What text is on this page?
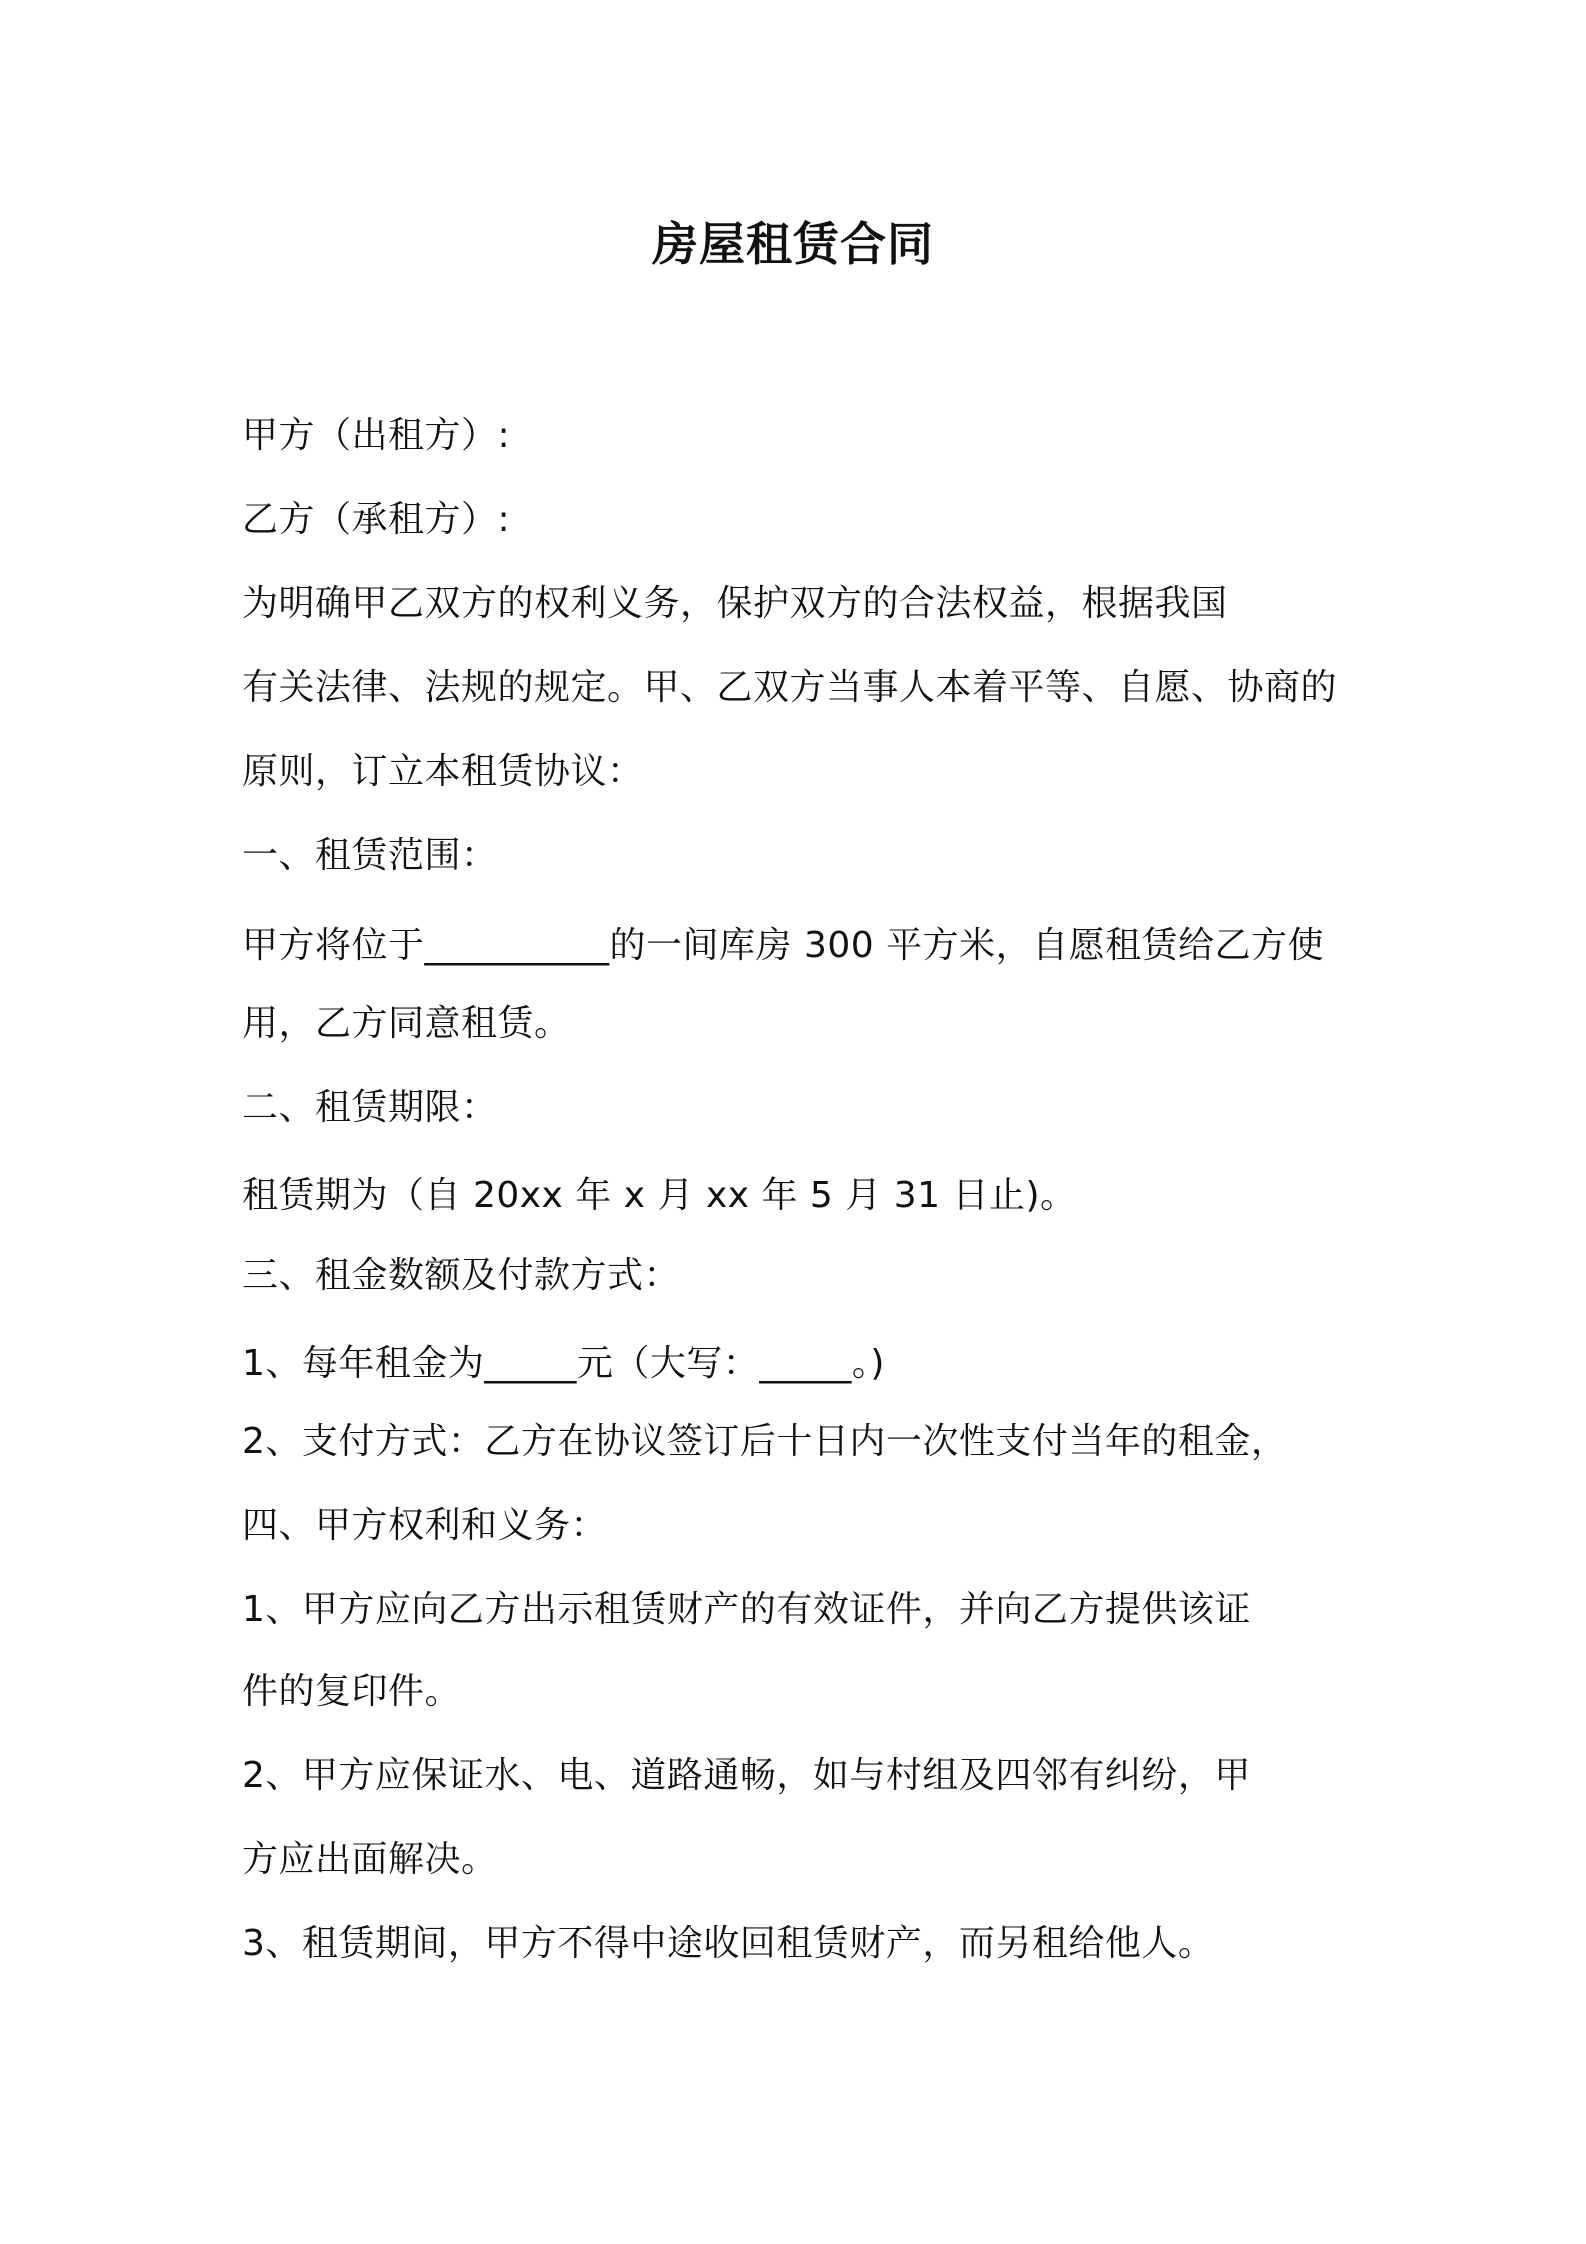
房屋租赁合同
甲方（出租方）:
乙方（承租方）:
为明确甲乙双方的权利义务，保护双方的合法权益，根据我国
有关法律、法规的规定。甲、乙双方当事人本着平等、自愿、协商的
原则，订立本租赁协议：
一、租赁范围：
甲方将位于__________的一间库房 300 平方米，自愿租赁给乙方使
用，乙方同意租赁。
二、租赁期限：
租赁期为（自 20xx 年 x 月 xx 年 5 月 31 日止)。
三、租金数额及付款方式：
1、每年租金为_____元（大写：_____。)
2、支付方式：乙方在协议签订后十日内一次性支付当年的租金，
四、甲方权利和义务：
1、甲方应向乙方出示租赁财产的有效证件，并向乙方提供该证
件的复印件。
2、甲方应保证水、电、道路通畅，如与村组及四邻有纠纷，甲
方应出面解决。
3、租赁期间，甲方不得中途收回租赁财产，而另租给他人。
